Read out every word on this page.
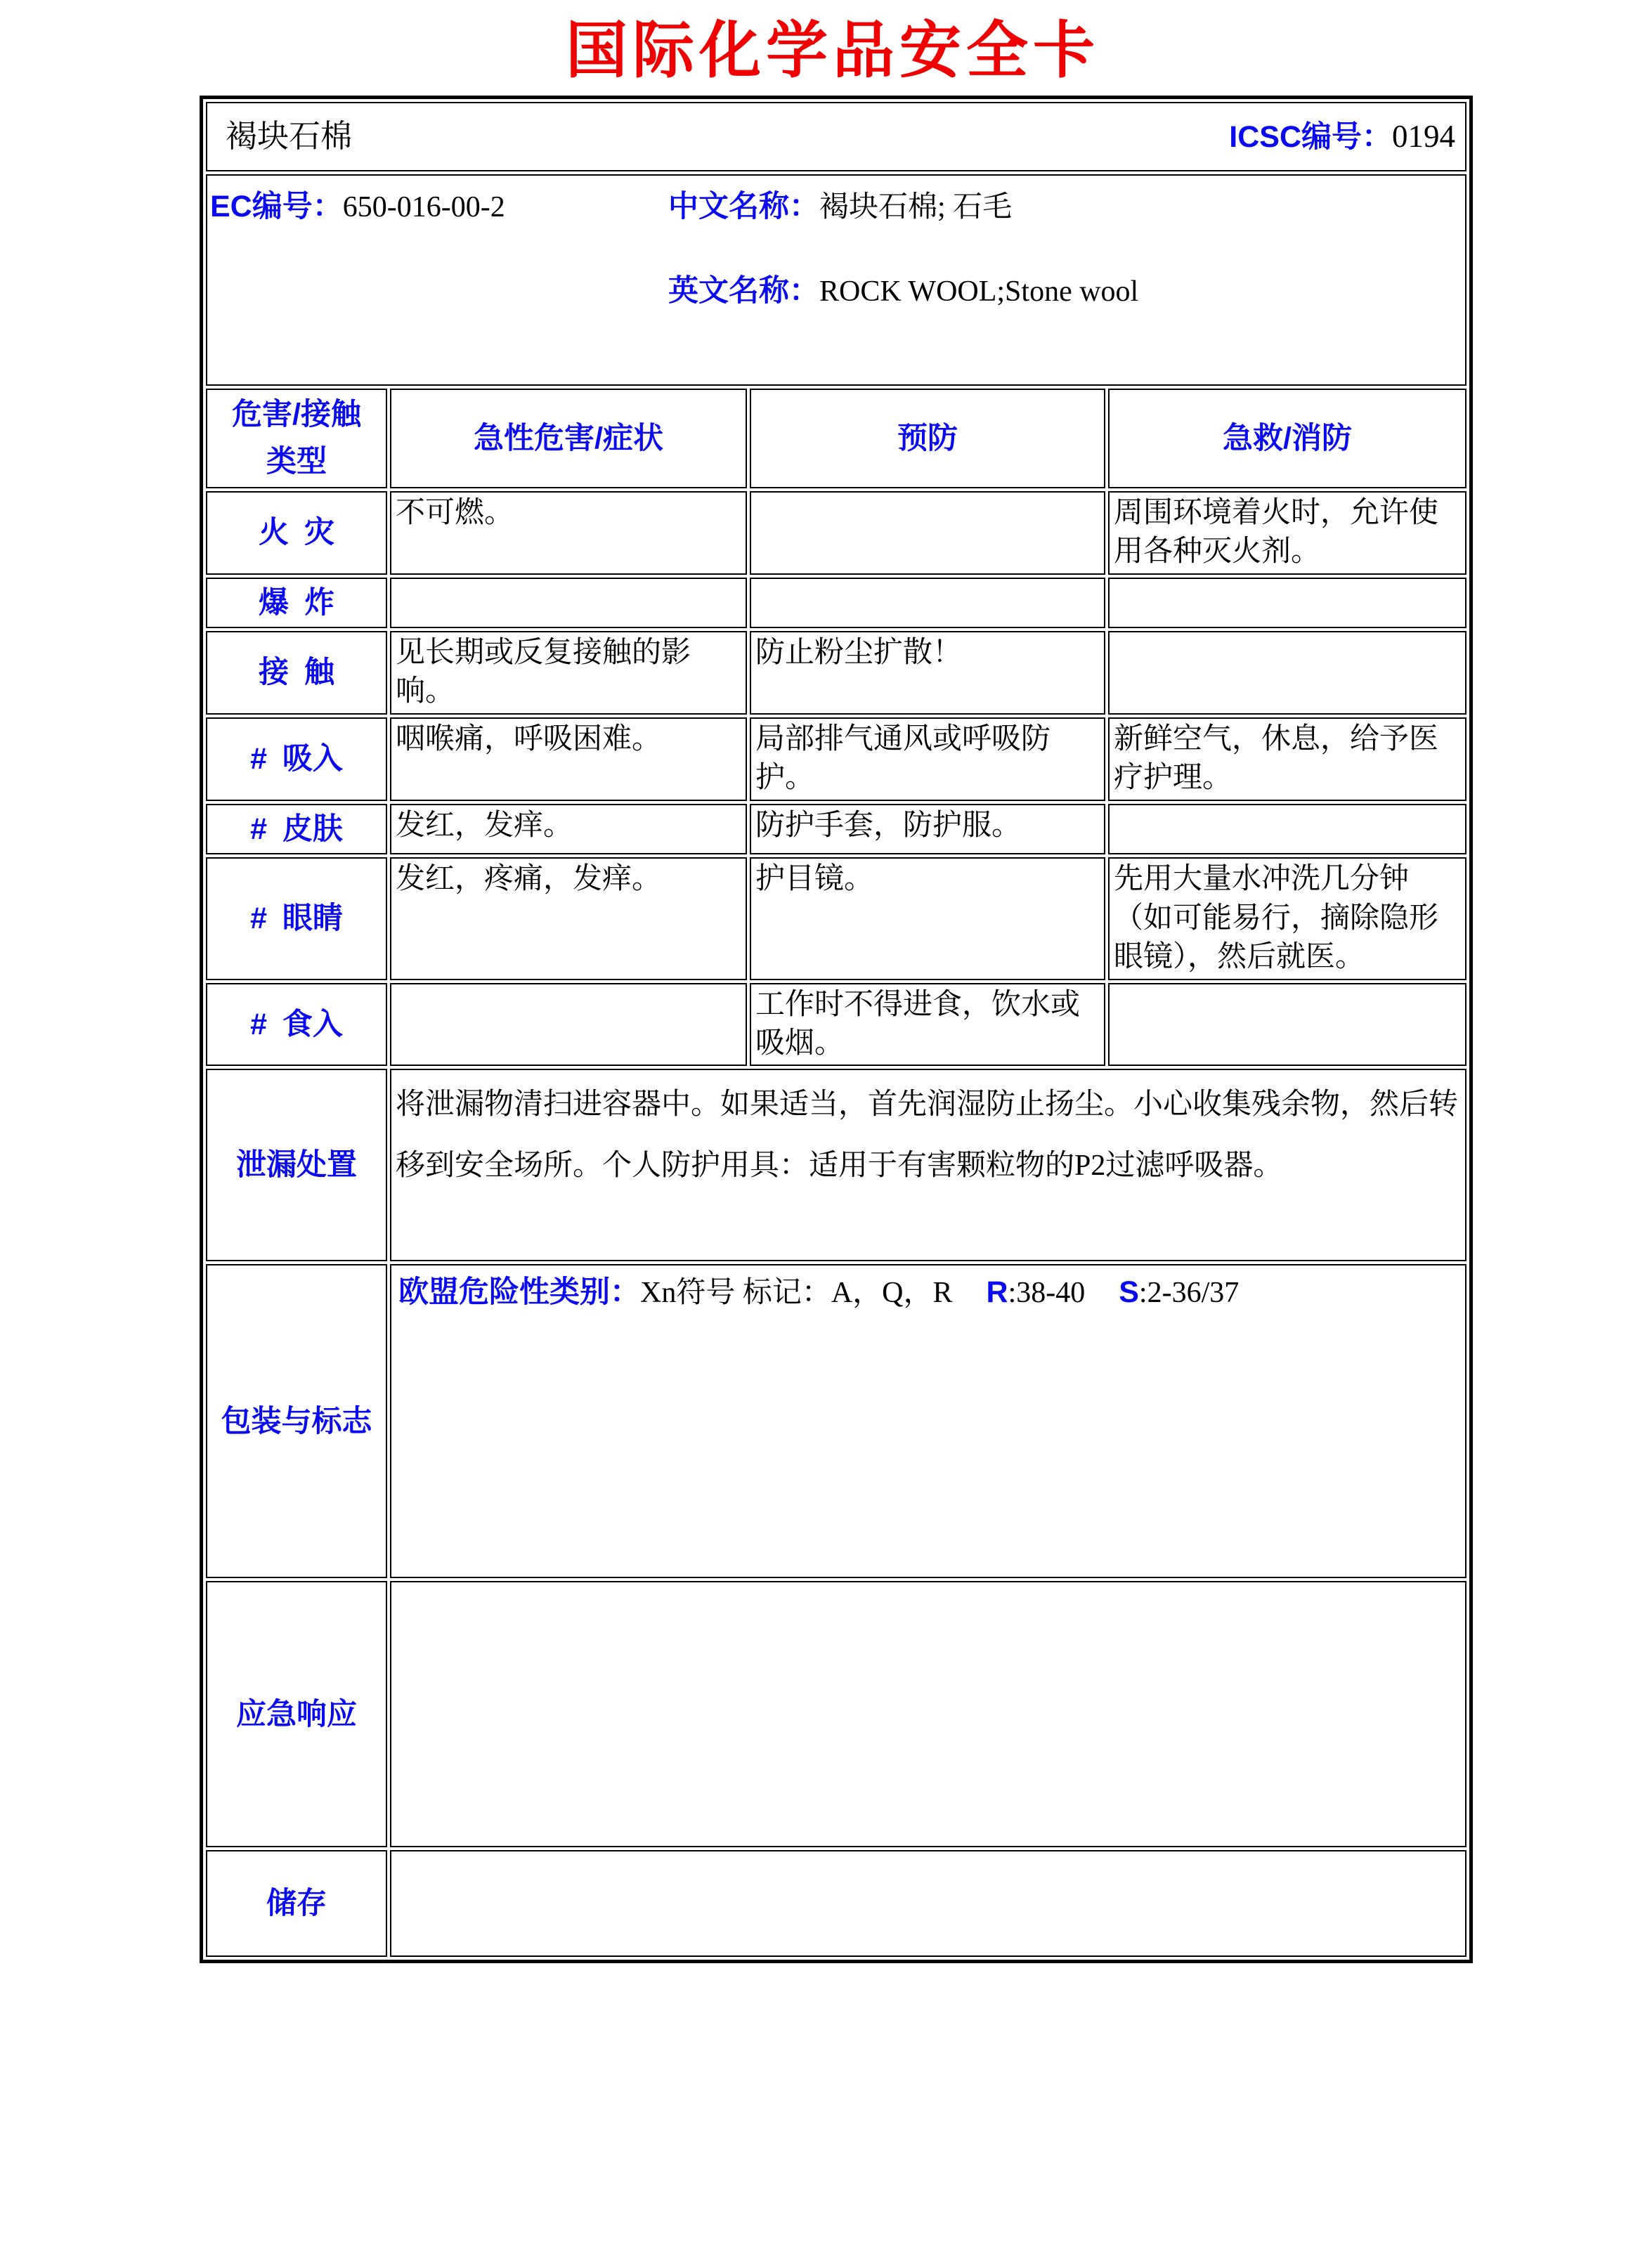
国际化学品安全卡
褐块石棉 ICSC编号：0194			

EC编号：650-016-00-2 中文名称：褐块石棉; 石毛
英文名称：ROCK WOOL;Stone wool			

危害/接触
类型	急性危害/症状	预防	急救/消防
火 灾	不可燃。		周围环境着火时，允许使用各种灭火剂。
爆 炸			
接 触	见长期或反复接触的影响。	防止粉尘扩散！	
# 吸入	咽喉痛，呼吸困难。	局部排气通风或呼吸防护。	新鲜空气，休息，给予医疗护理。
# 皮肤	发红，发痒。	防护手套，防护服。	
# 眼睛	发红，疼痛，发痒。	护目镜。	先用大量水冲洗几分钟（如可能易行，摘除隐形眼镜），然后就医。
# 食入		工作时不得进食，饮水或吸烟。	
泄漏处置	将泄漏物清扫进容器中。如果适当，首先润湿防止扬尘。小心收集残余物，然后转移到安全场所。个人防护用具：适用于有害颗粒物的P2过滤呼吸器。		
包装与标志	欧盟危险性类别：Xn符号 标记：A，Q，R R:38-40 S:2-36/37		
应急响应			
储存			
